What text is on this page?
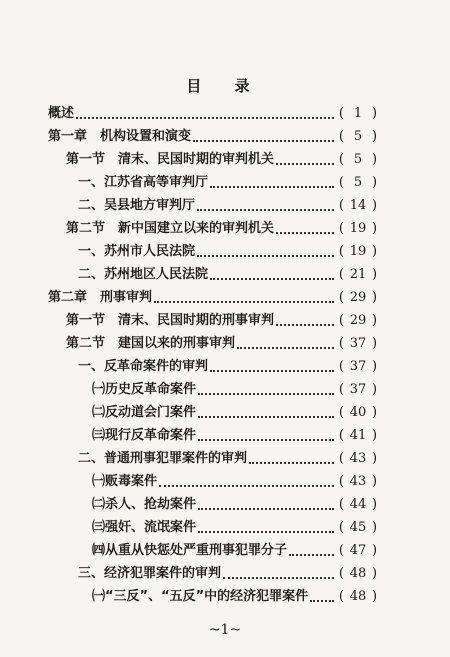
目 录
概述	( 1 )
第一章　机构设置和演变	( 5 )
第一节　清末、民国时期的审判机关	( 5 )
一、江苏省高等审判厅	( 5 )
二、吴县地方审判厅	( 14 )
第二节　新中国建立以来的审判机关	( 19 )
一、苏州市人民法院	( 19 )
二、苏州地区人民法院	( 21 )
第二章　刑事审判	( 29 )
第一节　清末、民国时期的刑事审判	( 29 )
第二节　建国以来的刑事审判	( 37 )
一、反革命案件的审判	( 37 )
㈠历史反革命案件	( 37 )
㈡反动道会门案件	( 40 )
㈢现行反革命案件	( 41 )
二、普通刑事犯罪案件的审判	( 43 )
㈠贩毒案件	( 43 )
㈡杀人、抢劫案件	( 44 )
㈢强奸、流氓案件	( 45 )
㈣从重从快惩处严重刑事犯罪分子	( 47 )
三、经济犯罪案件的审判	( 48 )
㈠“三反”、“五反”中的经济犯罪案件 ( 48 )
~1~
